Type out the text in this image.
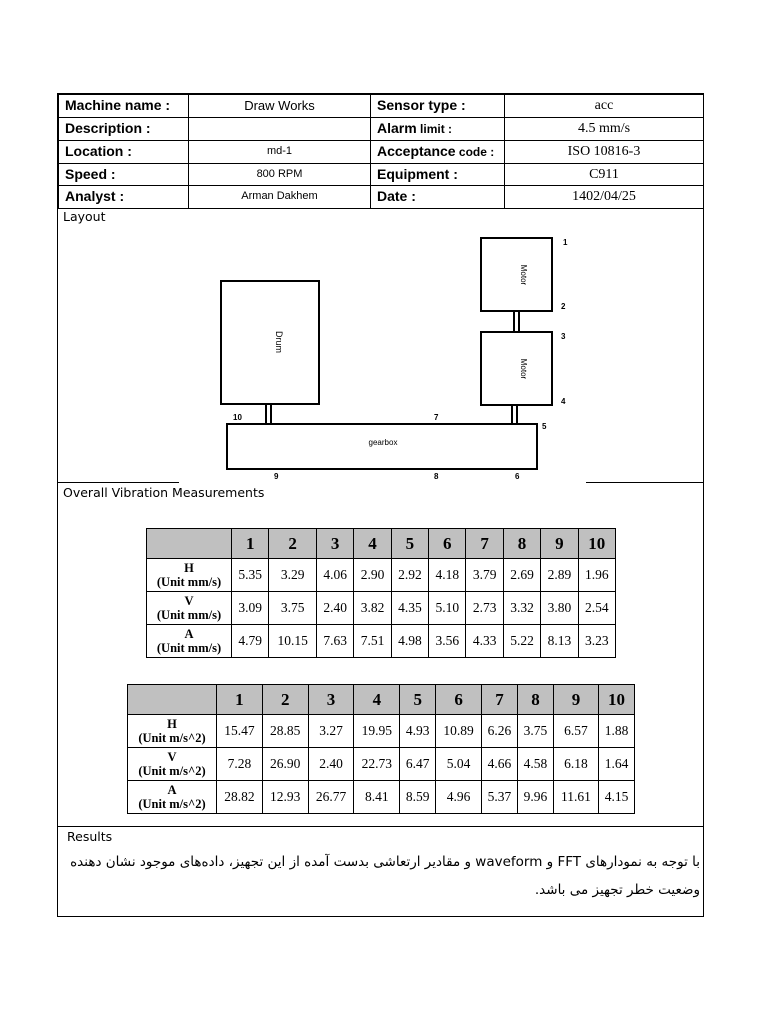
Machine name :	Draw Works	Sensor type :	acc
Description :		Alarm limit :	4.5 mm/s
Location :	md-1	Acceptance code :	ISO 10816-3
Speed :	800 RPM	Equipment :	C911
Analyst :	Arman Dakhem	Date :	1402/04/25
Layout
Drum
Motor
Motor
gearbox
1
2
3
4
5
6
7
8
9
10
Overall Vibration Measurements
	1	2	3	4	5	6	7	8	9	10

H
(Unit mm/s)	5.35	3.29	4.06	2.90	2.92	4.18	3.79	2.69	2.89	1.96

V
(Unit mm/s)	3.09	3.75	2.40	3.82	4.35	5.10	2.73	3.32	3.80	2.54

A
(Unit mm/s)	4.79	10.15	7.63	7.51	4.98	3.56	4.33	5.22	8.13	3.23
	1	2	3	4	5	6	7	8	9	10

H
(Unit m/s^2)	15.47	28.85	3.27	19.95	4.93	10.89	6.26	3.75	6.57	1.88

V
(Unit m/s^2)	7.28	26.90	2.40	22.73	6.47	5.04	4.66	4.58	6.18	1.64

A
(Unit m/s^2)	28.82	12.93	26.77	8.41	8.59	4.96	5.37	9.96	11.61	4.15
Results
با توجه به نمودارهای FFT و waveform و مقادیر ارتعاشی بدست آمده از این تجهیز، داده‌های موجود نشان دهنده وضعیت خطر تجهیز می باشد.
